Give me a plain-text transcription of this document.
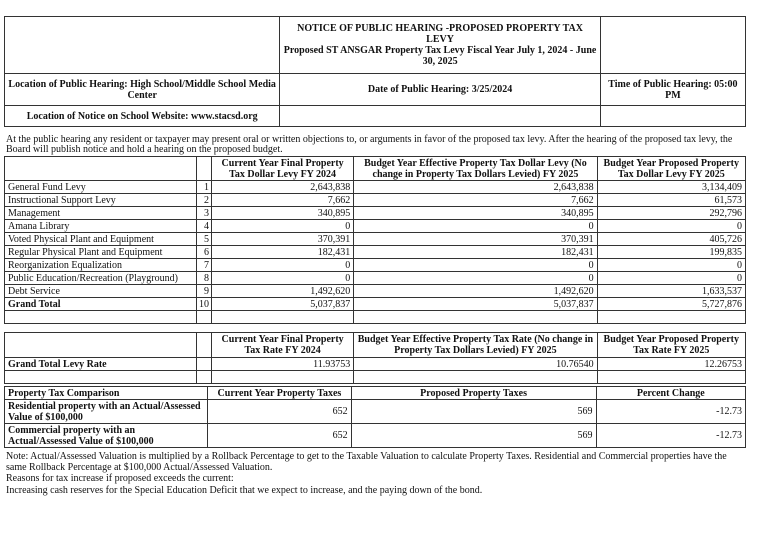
	NOTICE OF PUBLIC HEARING -PROPOSED PROPERTY TAX LEVY
Proposed ST ANSGAR Property Tax Levy Fiscal Year July 1, 2024 - June 30, 2025	

Location of Public Hearing: High School/Middle School Media Center	Date of Public Hearing: 3/25/2024	Time of Public Hearing: 05:00 PM
Location of Notice on School Website: www.stacsd.org		
At the public hearing any resident or taxpayer may present oral or written objections to, or arguments in favor of the proposed tax levy. After the hearing of the proposed tax levy, the Board will publish notice and hold a hearing on the proposed budget.
		Current Year Final Property Tax Dollar Levy FY 2024	Budget Year Effective Property Tax Dollar Levy (No change in Property Tax Dollars Levied) FY 2025	Budget Year Proposed Property Tax Dollar Levy FY 2025
General Fund Levy	1	2,643,838	2,643,838	3,134,409
Instructional Support Levy	2	7,662	7,662	61,573
Management	3	340,895	340,895	292,796
Amana Library	4	0	0	0
Voted Physical Plant and Equipment	5	370,391	370,391	405,726
Regular Physical Plant and Equipment	6	182,431	182,431	199,835
Reorganization Equalization	7	0	0	0
Public Education/Recreation (Playground)	8	0	0	0
Debt Service	9	1,492,620	1,492,620	1,633,537
Grand Total	10	5,037,837	5,037,837	5,727,876

		Current Year Final Property Tax Rate FY 2024	Budget Year Effective Property Tax Rate (No change in Property Tax Dollars Levied) FY 2025	Budget Year Proposed Property Tax Rate FY 2025
Grand Total Levy Rate		11.93753	10.76540	12.26753

Property Tax Comparison	Current Year Property Taxes	Proposed Property Taxes	Percent Change
Residential property with an Actual/Assessed Value of $100,000	652	569	-12.73
Commercial property with an Actual/Assessed Value of $100,000	652	569	-12.73
Note: Actual/Assessed Valuation is multiplied by a Rollback Percentage to get to the Taxable Valuation to calculate Property Taxes. Residential and Commercial properties have the same Rollback Percentage at $100,000 Actual/Assessed Valuation.
Reasons for tax increase if proposed exceeds the current:
Increasing cash reserves for the Special Education Deficit that we expect to increase, and the paying down of the bond.
